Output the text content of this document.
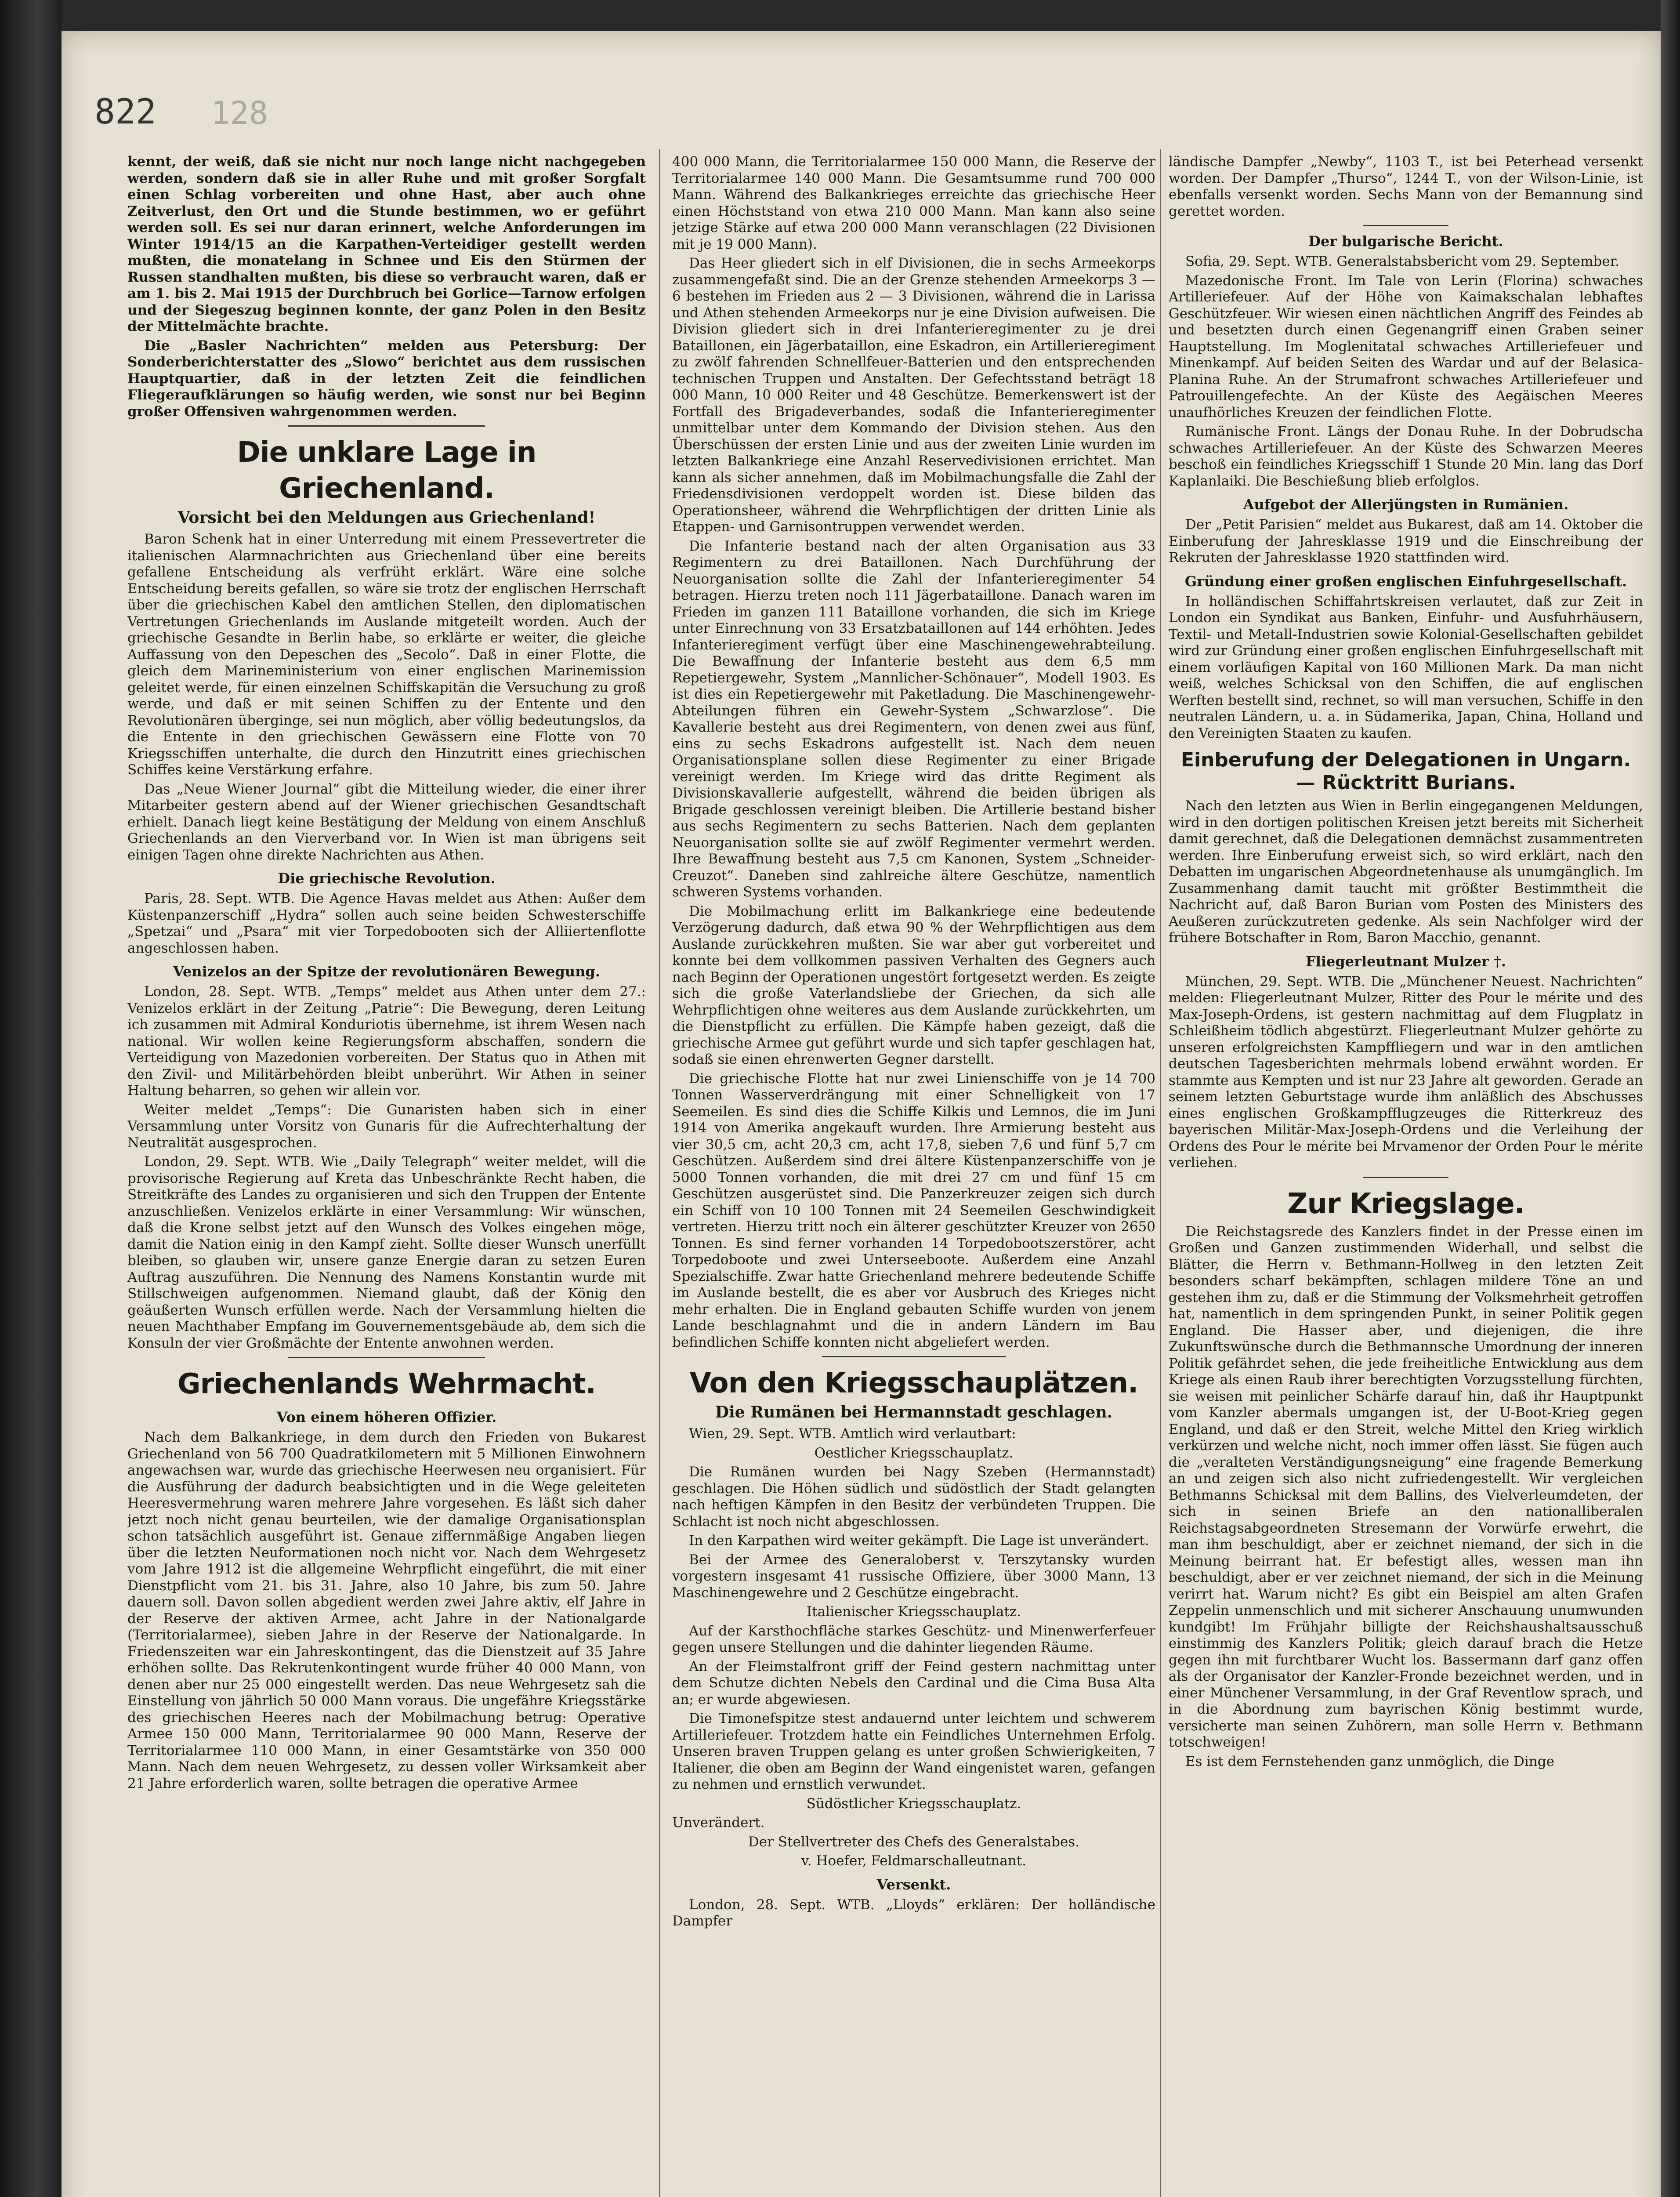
822 128

kennt, der weiß, daß sie nicht nur noch lange nicht nachgegeben werden, sondern daß sie in aller Ruhe und mit großer Sorgfalt einen Schlag vorbereiten und ohne Hast, aber auch ohne Zeitverlust, den Ort und die Stunde bestimmen, wo er geführt werden soll. Es sei nur daran erinnert, welche Anforderungen im Winter 1914/15 an die Karpathen-Verteidiger gestellt werden mußten, die monatelang in Schnee und Eis den Stürmen der Russen standhalten mußten, bis diese so verbraucht waren, daß er am 1. bis 2. Mai 1915 der Durchbruch bei Gorlice—Tarnow erfolgen und der Siegeszug beginnen konnte, der ganz Polen in den Besitz der Mittelmächte brachte.

Die „Basler Nachrichten“ melden aus Petersburg: Der Sonderberichterstatter des „Slowo“ berichtet aus dem russischen Hauptquartier, daß in der letzten Zeit die feindlichen Fliegeraufklärungen so häufig werden, wie sonst nur bei Beginn großer Offensiven wahrgenommen werden.

Die unklare Lage in Griechenland.
Vorsicht bei den Meldungen aus Griechenland!

Baron Schenk hat in einer Unterredung mit einem Pressevertreter die italienischen Alarmnachrichten aus Griechenland über eine bereits gefallene Entscheidung als verfrüht erklärt. Wäre eine solche Entscheidung bereits gefallen, so wäre sie trotz der englischen Herrschaft über die griechischen Kabel den amtlichen Stellen, den diplomatischen Vertretungen Griechenlands im Auslande mitgeteilt worden. Auch der griechische Gesandte in Berlin habe, so erklärte er weiter, die gleiche Auffassung von den Depeschen des „Secolo“. Daß in einer Flotte, die gleich dem Marineministerium von einer englischen Marinemission geleitet werde, für einen einzelnen Schiffskapitän die Versuchung zu groß werde, und daß er mit seinen Schiffen zu der Entente und den Revolutionären überginge, sei nun möglich, aber völlig bedeutungslos, da die Entente in den griechischen Gewässern eine Flotte von 70 Kriegsschiffen unterhalte, die durch den Hinzutritt eines griechischen Schiffes keine Verstärkung erfahre.

Das „Neue Wiener Journal“ gibt die Mitteilung wieder, die einer ihrer Mitarbeiter gestern abend auf der Wiener griechischen Gesandtschaft erhielt. Danach liegt keine Bestätigung der Meldung von einem Anschluß Griechenlands an den Vierverband vor. In Wien ist man übrigens seit einigen Tagen ohne direkte Nachrichten aus Athen.

Die griechische Revolution.

Paris, 28. Sept. WTB. Die Agence Havas meldet aus Athen: Außer dem Küstenpanzerschiff „Hydra“ sollen auch seine beiden Schwesterschiffe „Spetzai“ und „Psara“ mit vier Torpedobooten sich der Alliiertenflotte angeschlossen haben.

Venizelos an der Spitze der revolutionären Bewegung.

London, 28. Sept. WTB. „Temps“ meldet aus Athen unter dem 27.: Venizelos erklärt in der Zeitung „Patrie“: Die Bewegung, deren Leitung ich zusammen mit Admiral Konduriotis übernehme, ist ihrem Wesen nach national. Wir wollen keine Regierungsform abschaffen, sondern die Verteidigung von Mazedonien vorbereiten. Der Status quo in Athen mit den Zivil- und Militärbehörden bleibt unberührt. Wir Athen in seiner Haltung beharren, so gehen wir allein vor.

Weiter meldet „Temps“: Die Gunaristen haben sich in einer Versammlung unter Vorsitz von Gunaris für die Aufrechterhaltung der Neutralität ausgesprochen.

London, 29. Sept. WTB. Wie „Daily Telegraph“ weiter meldet, will die provisorische Regierung auf Kreta das Unbeschränkte Recht haben, die Streitkräfte des Landes zu organisieren und sich den Truppen der Entente anzuschließen. Venizelos erklärte in einer Versammlung: Wir wünschen, daß die Krone selbst jetzt auf den Wunsch des Volkes eingehen möge, damit die Nation einig in den Kampf zieht. Sollte dieser Wunsch unerfüllt bleiben, so glauben wir, unsere ganze Energie daran zu setzen Euren Auftrag auszuführen. Die Nennung des Namens Konstantin wurde mit Stillschweigen aufgenommen. Niemand glaubt, daß der König den geäußerten Wunsch erfüllen werde. Nach der Versammlung hielten die neuen Machthaber Empfang im Gouvernementsgebäude ab, dem sich die Konsuln der vier Großmächte der Entente anwohnen werden.

Griechenlands Wehrmacht.
Von einem höheren Offizier.

Nach dem Balkankriege, in dem durch den Frieden von Bukarest Griechenland von 56 700 Quadratkilometern mit 5 Millionen Einwohnern angewachsen war, wurde das griechische Heerwesen neu organisiert. Für die Ausführung der dadurch beabsichtigten und in die Wege geleiteten Heeresvermehrung waren mehrere Jahre vorgesehen. Es läßt sich daher jetzt noch nicht genau beurteilen, wie der damalige Organisationsplan schon tatsächlich ausgeführt ist. Genaue ziffernmäßige Angaben liegen über die letzten Neuformationen noch nicht vor. Nach dem Wehrgesetz vom Jahre 1912 ist die allgemeine Wehrpflicht eingeführt, die mit einer Dienstpflicht vom 21. bis 31. Jahre, also 10 Jahre, bis zum 50. Jahre dauern soll. Davon sollen abgedient werden zwei Jahre aktiv, elf Jahre in der Reserve der aktiven Armee, acht Jahre in der Nationalgarde (Territorialarmee), sieben Jahre in der Reserve der Nationalgarde. In Friedenszeiten war ein Jahreskontingent, das die Dienstzeit auf 35 Jahre erhöhen sollte. Das Rekrutenkontingent wurde früher 40 000 Mann, von denen aber nur 25 000 eingestellt werden. Das neue Wehrgesetz sah die Einstellung von jährlich 50 000 Mann voraus. Die ungefähre Kriegsstärke des griechischen Heeres nach der Mobilmachung betrug: Operative Armee 150 000 Mann, Territorialarmee 90 000 Mann, Reserve der Territorialarmee 110 000 Mann, in einer Gesamtstärke von 350 000 Mann. Nach dem neuen Wehrgesetz, zu dessen voller Wirksamkeit aber 21 Jahre erforderlich waren, sollte betragen die operative Armee

400 000 Mann, die Territorialarmee 150 000 Mann, die Reserve der Territorialarmee 140 000 Mann. Die Gesamtsumme rund 700 000 Mann. Während des Balkankrieges erreichte das griechische Heer einen Höchststand von etwa 210 000 Mann. Man kann also seine jetzige Stärke auf etwa 200 000 Mann veranschlagen (22 Divisionen mit je 19 000 Mann).

Das Heer gliedert sich in elf Divisionen, die in sechs Armeekorps zusammengefaßt sind. Die an der Grenze stehenden Armeekorps 3 — 6 bestehen im Frieden aus 2 — 3 Divisionen, während die in Larissa und Athen stehenden Armeekorps nur je eine Division aufweisen. Die Division gliedert sich in drei Infanterieregimenter zu je drei Bataillonen, ein Jägerbataillon, eine Eskadron, ein Artillerieregiment zu zwölf fahrenden Schnellfeuer-Batterien und den entsprechenden technischen Truppen und Anstalten. Der Gefechtsstand beträgt 18 000 Mann, 10 000 Reiter und 48 Geschütze. Bemerkenswert ist der Fortfall des Brigadeverbandes, sodaß die Infanterieregimenter unmittelbar unter dem Kommando der Division stehen. Aus den Überschüssen der ersten Linie und aus der zweiten Linie wurden im letzten Balkankriege eine Anzahl Reservedivisionen errichtet. Man kann als sicher annehmen, daß im Mobilmachungsfalle die Zahl der Friedensdivisionen verdoppelt worden ist. Diese bilden das Operationsheer, während die Wehrpflichtigen der dritten Linie als Etappen- und Garnisontruppen verwendet werden.

Die Infanterie bestand nach der alten Organisation aus 33 Regimentern zu drei Bataillonen. Nach Durchführung der Neuorganisation sollte die Zahl der Infanterieregimenter 54 betragen. Hierzu treten noch 111 Jägerbataillone. Danach waren im Frieden im ganzen 111 Bataillone vorhanden, die sich im Kriege unter Einrechnung von 33 Ersatzbataillonen auf 144 erhöhten. Jedes Infanterieregiment verfügt über eine Maschinengewehrabteilung. Die Bewaffnung der Infanterie besteht aus dem 6,5 mm Repetiergewehr, System „Mannlicher-Schönauer“, Modell 1903. Es ist dies ein Repetiergewehr mit Paketladung. Die Maschinengewehr-Abteilungen führen ein Gewehr-System „Schwarzlose“. Die Kavallerie besteht aus drei Regimentern, von denen zwei aus fünf, eins zu sechs Eskadrons aufgestellt ist. Nach dem neuen Organisationsplane sollen diese Regimenter zu einer Brigade vereinigt werden. Im Kriege wird das dritte Regiment als Divisionskavallerie aufgestellt, während die beiden übrigen als Brigade geschlossen vereinigt bleiben. Die Artillerie bestand bisher aus sechs Regimentern zu sechs Batterien. Nach dem geplanten Neuorganisation sollte sie auf zwölf Regimenter vermehrt werden. Ihre Bewaffnung besteht aus 7,5 cm Kanonen, System „Schneider-Creuzot“. Daneben sind zahlreiche ältere Geschütze, namentlich schweren Systems vorhanden.

Die Mobilmachung erlitt im Balkankriege eine bedeutende Verzögerung dadurch, daß etwa 90 % der Wehrpflichtigen aus dem Auslande zurückkehren mußten. Sie war aber gut vorbereitet und konnte bei dem vollkommen passiven Verhalten des Gegners auch nach Beginn der Operationen ungestört fortgesetzt werden. Es zeigte sich die große Vaterlandsliebe der Griechen, da sich alle Wehrpflichtigen ohne weiteres aus dem Auslande zurückkehrten, um die Dienstpflicht zu erfüllen. Die Kämpfe haben gezeigt, daß die griechische Armee gut geführt wurde und sich tapfer geschlagen hat, sodaß sie einen ehrenwerten Gegner darstellt.

Die griechische Flotte hat nur zwei Linienschiffe von je 14 700 Tonnen Wasserverdrängung mit einer Schnelligkeit von 17 Seemeilen. Es sind dies die Schiffe Kilkis und Lemnos, die im Juni 1914 von Amerika angekauft wurden. Ihre Armierung besteht aus vier 30,5 cm, acht 20,3 cm, acht 17,8, sieben 7,6 und fünf 5,7 cm Geschützen. Außerdem sind drei ältere Küstenpanzerschiffe von je 5000 Tonnen vorhanden, die mit drei 27 cm und fünf 15 cm Geschützen ausgerüstet sind. Die Panzerkreuzer zeigen sich durch ein Schiff von 10 100 Tonnen mit 24 Seemeilen Geschwindigkeit vertreten. Hierzu tritt noch ein älterer geschützter Kreuzer von 2650 Tonnen. Es sind ferner vorhanden 14 Torpedobootszerstörer, acht Torpedoboote und zwei Unterseeboote. Außerdem eine Anzahl Spezialschiffe. Zwar hatte Griechenland mehrere bedeutende Schiffe im Auslande bestellt, die es aber vor Ausbruch des Krieges nicht mehr erhalten. Die in England gebauten Schiffe wurden von jenem Lande beschlagnahmt und die in andern Ländern im Bau befindlichen Schiffe konnten nicht abgeliefert werden.

Von den Kriegsschauplätzen.
Die Rumänen bei Hermannstadt geschlagen.

Wien, 29. Sept. WTB. Amtlich wird verlautbart:

Oestlicher Kriegsschauplatz.

Die Rumänen wurden bei Nagy Szeben (Hermannstadt) geschlagen. Die Höhen südlich und südöstlich der Stadt gelangten nach heftigen Kämpfen in den Besitz der verbündeten Truppen. Die Schlacht ist noch nicht abgeschlossen.

In den Karpathen wird weiter gekämpft. Die Lage ist unverändert.

Bei der Armee des Generaloberst v. Terszytansky wurden vorgestern insgesamt 41 russische Offiziere, über 3000 Mann, 13 Maschinengewehre und 2 Geschütze eingebracht.

Italienischer Kriegsschauplatz.

Auf der Karsthochfläche starkes Geschütz- und Minenwerferfeuer gegen unsere Stellungen und die dahinter liegenden Räume.

An der Fleimstalfront griff der Feind gestern nachmittag unter dem Schutze dichten Nebels den Cardinal und die Cima Busa Alta an; er wurde abgewiesen.

Die Timonefspitze stest andauernd unter leichtem und schwerem Artilleriefeuer. Trotzdem hatte ein Feindliches Unternehmen Erfolg. Unseren braven Truppen gelang es unter großen Schwierigkeiten, 7 Italiener, die oben am Beginn der Wand eingenistet waren, gefangen zu nehmen und ernstlich verwundet.

Südöstlicher Kriegsschauplatz.

Unverändert.

Der Stellvertreter des Chefs des Generalstabes.

v. Hoefer, Feldmarschalleutnant.

Versenkt.

London, 28. Sept. WTB. „Lloyds“ erklären: Der holländische Dampfer

ländische Dampfer „Newby“, 1103 T., ist bei Peterhead versenkt worden. Der Dampfer „Thurso“, 1244 T., von der Wilson-Linie, ist ebenfalls versenkt worden. Sechs Mann von der Bemannung sind gerettet worden.

Der bulgarische Bericht.

Sofia, 29. Sept. WTB. Generalstabsbericht vom 29. September.

Mazedonische Front. Im Tale von Lerin (Florina) schwaches Artilleriefeuer. Auf der Höhe von Kaimakschalan lebhaftes Geschützfeuer. Wir wiesen einen nächtlichen Angriff des Feindes ab und besetzten durch einen Gegenangriff einen Graben seiner Hauptstellung. Im Moglenitatal schwaches Artilleriefeuer und Minenkampf. Auf beiden Seiten des Wardar und auf der Belasica-Planina Ruhe. An der Strumafront schwaches Artilleriefeuer und Patrouillengefechte. An der Küste des Aegäischen Meeres unaufhörliches Kreuzen der feindlichen Flotte.

Rumänische Front. Längs der Donau Ruhe. In der Dobrudscha schwaches Artilleriefeuer. An der Küste des Schwarzen Meeres beschoß ein feindliches Kriegsschiff 1 Stunde 20 Min. lang das Dorf Kaplanlaiki. Die Beschießung blieb erfolglos.

Aufgebot der Allerjüngsten in Rumänien.

Der „Petit Parisien“ meldet aus Bukarest, daß am 14. Oktober die Einberufung der Jahresklasse 1919 und die Einschreibung der Rekruten der Jahresklasse 1920 stattfinden wird.

Gründung einer großen englischen Einfuhrgesellschaft.

In holländischen Schiffahrtskreisen verlautet, daß zur Zeit in London ein Syndikat aus Banken, Einfuhr- und Ausfuhrhäusern, Textil- und Metall-Industrien sowie Kolonial-Gesellschaften gebildet wird zur Gründung einer großen englischen Einfuhrgesellschaft mit einem vorläufigen Kapital von 160 Millionen Mark. Da man nicht weiß, welches Schicksal von den Schiffen, die auf englischen Werften bestellt sind, rechnet, so will man versuchen, Schiffe in den neutralen Ländern, u. a. in Südamerika, Japan, China, Holland und den Vereinigten Staaten zu kaufen.

Einberufung der Delegationen in Ungarn. — Rücktritt Burians.

Nach den letzten aus Wien in Berlin eingegangenen Meldungen, wird in den dortigen politischen Kreisen jetzt bereits mit Sicherheit damit gerechnet, daß die Delegationen demnächst zusammentreten werden. Ihre Einberufung erweist sich, so wird erklärt, nach den Debatten im ungarischen Abgeordnetenhause als unumgänglich. Im Zusammenhang damit taucht mit größter Bestimmtheit die Nachricht auf, daß Baron Burian vom Posten des Ministers des Aeußeren zurückzutreten gedenke. Als sein Nachfolger wird der frühere Botschafter in Rom, Baron Macchio, genannt.

Fliegerleutnant Mulzer †.

München, 29. Sept. WTB. Die „Münchener Neuest. Nachrichten“ melden: Fliegerleutnant Mulzer, Ritter des Pour le mérite und des Max-Joseph-Ordens, ist gestern nachmittag auf dem Flugplatz in Schleißheim tödlich abgestürzt. Fliegerleutnant Mulzer gehörte zu unseren erfolgreichsten Kampffliegern und war in den amtlichen deutschen Tagesberichten mehrmals lobend erwähnt worden. Er stammte aus Kempten und ist nur 23 Jahre alt geworden. Gerade an seinem letzten Geburtstage wurde ihm anläßlich des Abschusses eines englischen Großkampfflugzeuges die Ritterkreuz des bayerischen Militär-Max-Joseph-Ordens und die Verleihung der Ordens des Pour le mérite bei Mrvamenor der Orden Pour le mérite verliehen.

Zur Kriegslage.

Die Reichstagsrede des Kanzlers findet in der Presse einen im Großen und Ganzen zustimmenden Widerhall, und selbst die Blätter, die Herrn v. Bethmann-Hollweg in den letzten Zeit besonders scharf bekämpften, schlagen mildere Töne an und gestehen ihm zu, daß er die Stimmung der Volksmehrheit getroffen hat, namentlich in dem springenden Punkt, in seiner Politik gegen England. Die Hasser aber, und diejenigen, die ihre Zukunftswünsche durch die Bethmannsche Umordnung der inneren Politik gefährdet sehen, die jede freiheitliche Entwicklung aus dem Kriege als einen Raub ihrer berechtigten Vorzugsstellung fürchten, sie weisen mit peinlicher Schärfe darauf hin, daß ihr Hauptpunkt vom Kanzler abermals umgangen ist, der U-Boot-Krieg gegen England, und daß er den Streit, welche Mittel den Krieg wirklich verkürzen und welche nicht, noch immer offen lässt. Sie fügen auch die „veralteten Verständigungsneigung“ eine fragende Bemerkung an und zeigen sich also nicht zufriedengestellt. Wir vergleichen Bethmanns Schicksal mit dem Ballins, des Vielverleumdeten, der sich in seinen Briefe an den nationalliberalen Reichstagsabgeordneten Stresemann der Vorwürfe erwehrt, die man ihm beschuldigt, aber er zeichnet niemand, der sich in die Meinung beirrant hat. Er befestigt alles, wessen man ihn beschuldigt, aber er ver zeichnet niemand, der sich in die Meinung verirrt hat. Warum nicht? Es gibt ein Beispiel am alten Grafen Zeppelin unmenschlich und mit sicherer Anschauung unumwunden kundgibt! Im Frühjahr billigte der Reichshaushaltsausschuß einstimmig des Kanzlers Politik; gleich darauf brach die Hetze gegen ihn mit furchtbarer Wucht los. Bassermann darf ganz offen als der Organisator der Kanzler-Fronde bezeichnet werden, und in einer Münchener Versammlung, in der Graf Reventlow sprach, und in die Abordnung zum bayrischen König bestimmt wurde, versicherte man seinen Zuhörern, man solle Herrn v. Bethmann totschweigen!

Es ist dem Fernstehenden ganz unmöglich, die Dinge
